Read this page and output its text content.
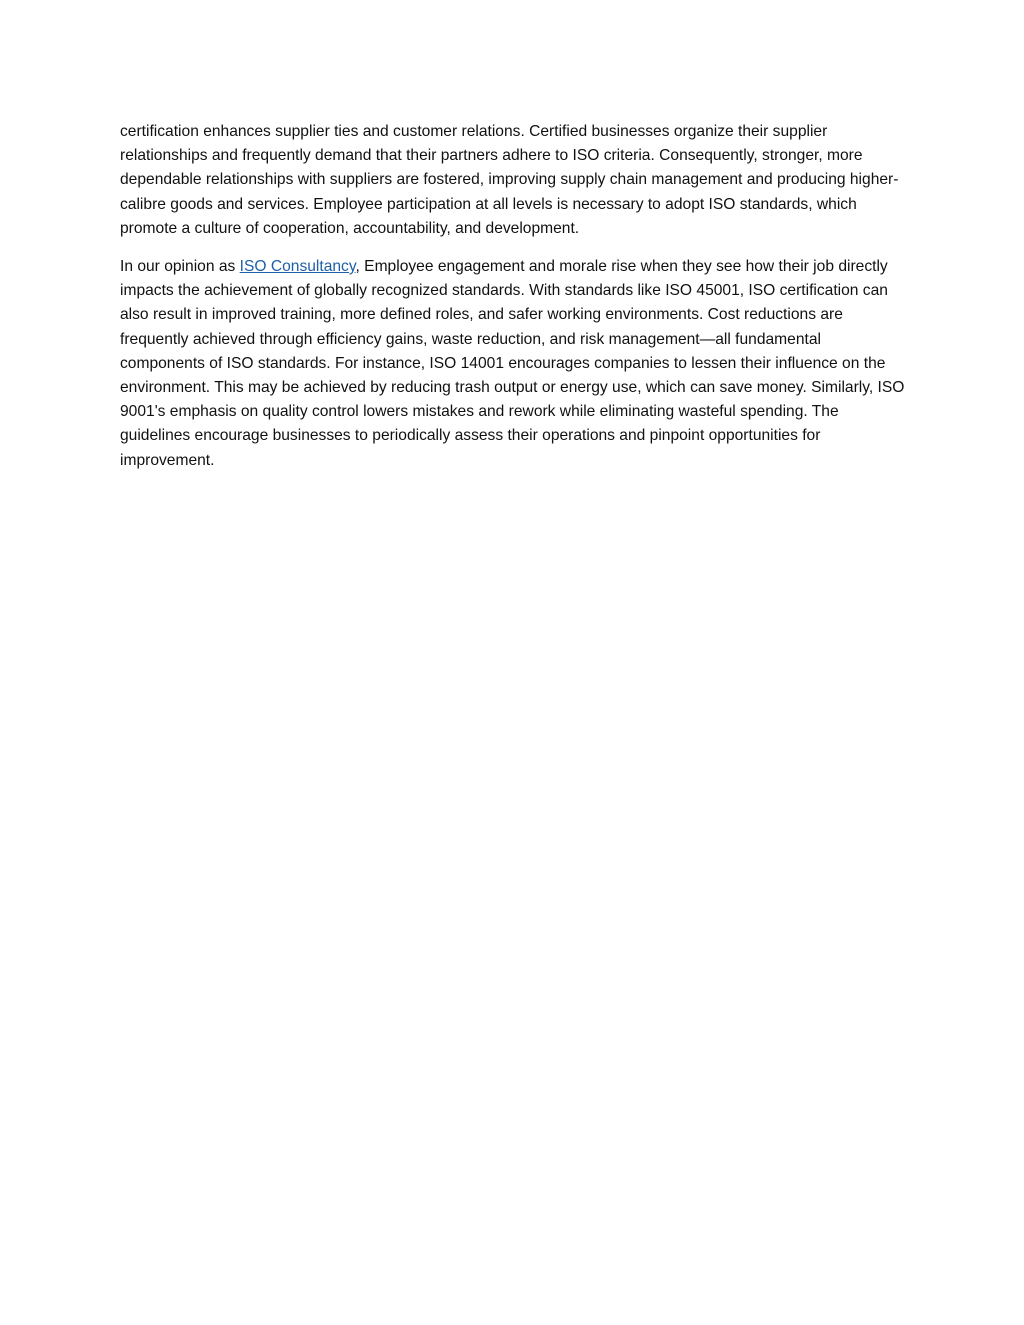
certification enhances supplier ties and customer relations. Certified businesses organize their supplier relationships and frequently demand that their partners adhere to ISO criteria. Consequently, stronger, more dependable relationships with suppliers are fostered, improving supply chain management and producing higher-calibre goods and services. Employee participation at all levels is necessary to adopt ISO standards, which promote a culture of cooperation, accountability, and development.

In our opinion as ISO Consultancy, Employee engagement and morale rise when they see how their job directly impacts the achievement of globally recognized standards. With standards like ISO 45001, ISO certification can also result in improved training, more defined roles, and safer working environments. Cost reductions are frequently achieved through efficiency gains, waste reduction, and risk management—all fundamental components of ISO standards. For instance, ISO 14001 encourages companies to lessen their influence on the environment. This may be achieved by reducing trash output or energy use, which can save money. Similarly, ISO 9001's emphasis on quality control lowers mistakes and rework while eliminating wasteful spending. The guidelines encourage businesses to periodically assess their operations and pinpoint opportunities for improvement.
